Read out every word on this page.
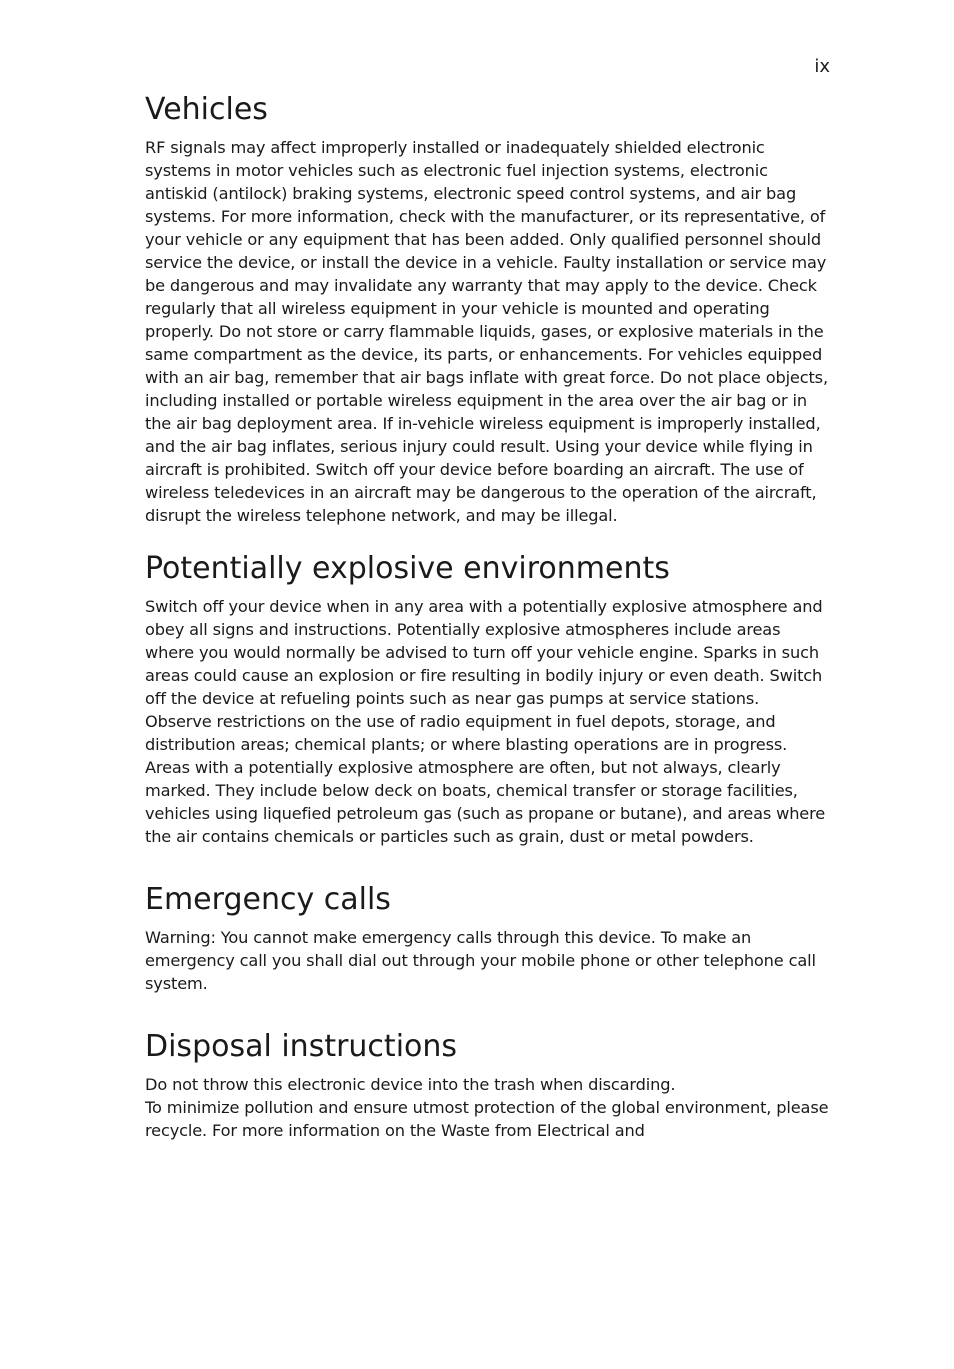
ix
Vehicles

RF signals may affect improperly installed or inadequately shielded electronic systems in motor vehicles such as electronic fuel injection systems, electronic antiskid (antilock) braking systems, electronic speed control systems, and air bag systems. For more information, check with the manufacturer, or its representative, of your vehicle or any equipment that has been added. Only qualified personnel should service the device, or install the device in a vehicle. Faulty installation or service may be dangerous and may invalidate any warranty that may apply to the device. Check regularly that all wireless equipment in your vehicle is mounted and operating properly. Do not store or carry flammable liquids, gases, or explosive materials in the same compartment as the device, its parts, or enhancements. For vehicles equipped with an air bag, remember that air bags inflate with great force. Do not place objects, including installed or portable wireless equipment in the area over the air bag or in the air bag deployment area. If in-vehicle wireless equipment is improperly installed, and the air bag inflates, serious injury could result. Using your device while flying in aircraft is prohibited. Switch off your device before boarding an aircraft. The use of wireless teledevices in an aircraft may be dangerous to the operation of the aircraft, disrupt the wireless telephone network, and may be illegal.

Potentially explosive environments

Switch off your device when in any area with a potentially explosive atmosphere and obey all signs and instructions. Potentially explosive atmospheres include areas where you would normally be advised to turn off your vehicle engine. Sparks in such areas could cause an explosion or fire resulting in bodily injury or even death. Switch off the device at refueling points such as near gas pumps at service stations. Observe restrictions on the use of radio equipment in fuel depots, storage, and distribution areas; chemical plants; or where blasting operations are in progress. Areas with a potentially explosive atmosphere are often, but not always, clearly marked. They include below deck on boats, chemical transfer or storage facilities, vehicles using liquefied petroleum gas (such as propane or butane), and areas where the air contains chemicals or particles such as grain, dust or metal powders.

Emergency calls

Warning: You cannot make emergency calls through this device. To make an emergency call you shall dial out through your mobile phone or other telephone call system.

Disposal instructions

Do not throw this electronic device into the trash when discarding.

To minimize pollution and ensure utmost protection of the global environment, please recycle. For more information on the Waste from Electrical and
